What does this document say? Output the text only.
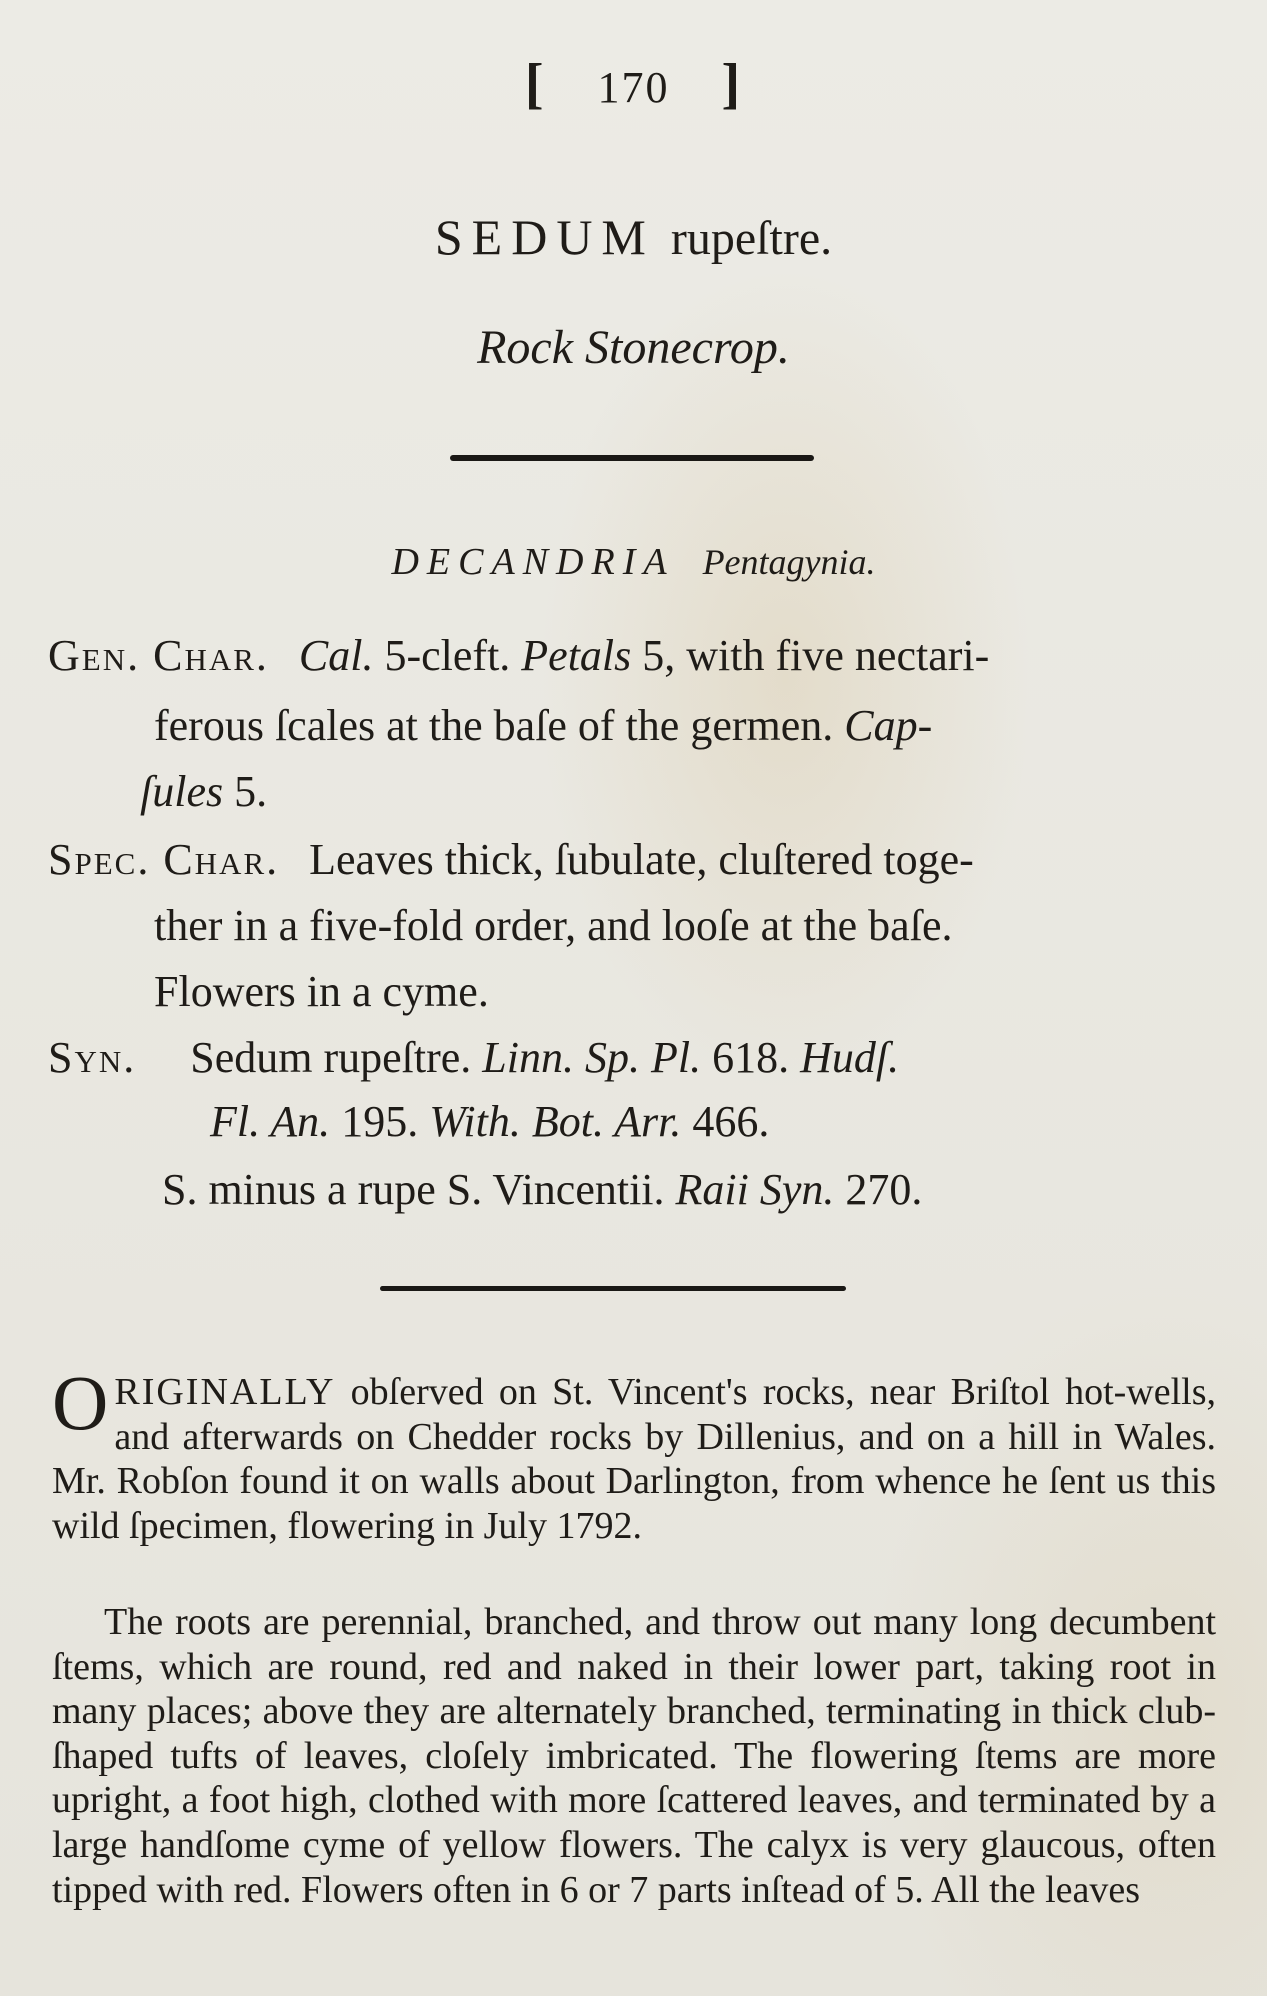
[ 170 ]
SEDUM rupeſtre.
Rock Stonecrop.
DECANDRIA Pentagynia.
Gen. Char. Cal. 5-cleft. Petals 5, with five nectari-
ferous ſcales at the baſe of the germen. Cap-
ſules 5.
Spec. Char. Leaves thick, ſubulate, cluſtered toge-
ther in a five-fold order, and looſe at the baſe.
Flowers in a cyme.
Syn. Sedum rupeſtre. Linn. Sp. Pl. 618. Hudſ.
Fl. An. 195. With. Bot. Arr. 466.
S. minus a rupe S. Vincentii. Raii Syn. 270.
ORIGINALLY obſerved on St. Vincent's rocks, near Briſtol hot-wells, and afterwards on Chedder rocks by Dillenius, and on a hill in Wales. Mr. Robſon found it on walls about Darlington, from whence he ſent us this wild ſpecimen, flowering in July 1792.
The roots are perennial, branched, and throw out many long decumbent ſtems, which are round, red and naked in their lower part, taking root in many places; above they are alternately branched, terminating in thick club-ſhaped tufts of leaves, cloſely imbricated. The flowering ſtems are more upright, a foot high, clothed with more ſcattered leaves, and terminated by a large handſome cyme of yellow flowers. The calyx is very glaucous, often tipped with red. Flowers often in 6 or 7 parts inſtead of 5. All the leaves
